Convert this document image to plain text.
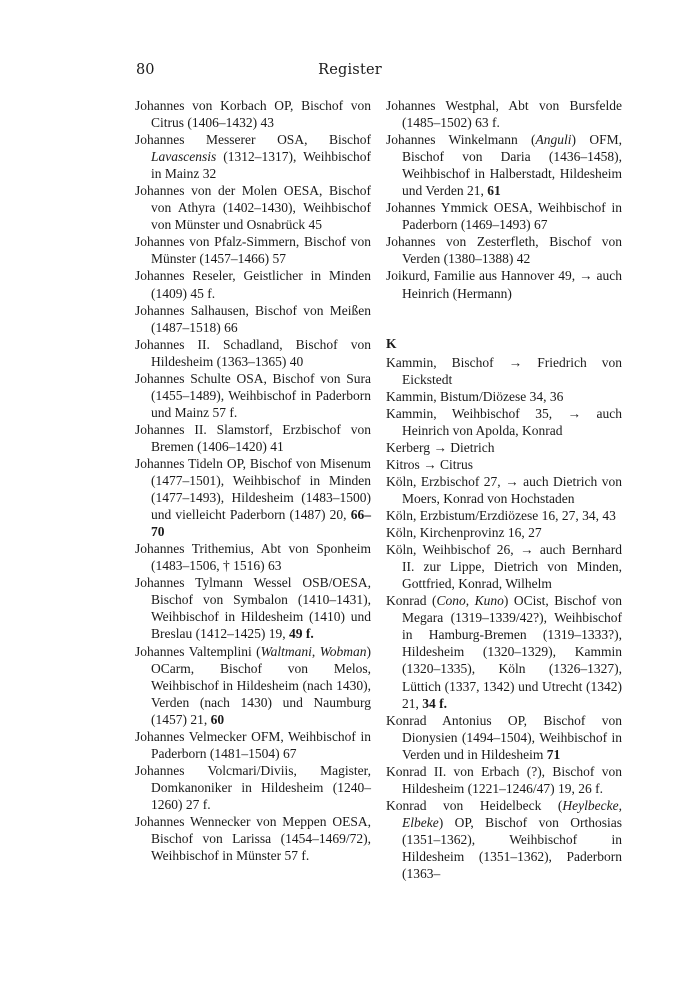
80	Register

Johannes von Korbach OP, Bischof von Citrus (1406–1432) 43

Johannes Messerer OSA, Bischof Lavascensis (1312–1317), Weihbischof in Mainz 32

Johannes von der Molen OESA, Bischof von Athyra (1402–1430), Weihbischof von Münster und Osnabrück 45

Johannes von Pfalz-Simmern, Bischof von Münster (1457–1466) 57

Johannes Reseler, Geistlicher in Minden (1409) 45 f.

Johannes Salhausen, Bischof von Meißen (1487–1518) 66

Johannes II. Schadland, Bischof von Hildesheim (1363–1365) 40

Johannes Schulte OSA, Bischof von Sura (1455–1489), Weihbischof in Paderborn und Mainz 57 f.

Johannes II. Slamstorf, Erzbischof von Bremen (1406–1420) 41

Johannes Tideln OP, Bischof von Misenum (1477–1501), Weihbischof in Minden (1477–1493), Hildesheim (1483–1500) und vielleicht Paderborn (1487) 20, 66–70

Johannes Trithemius, Abt von Sponheim (1483–1506, † 1516) 63

Johannes Tylmann Wessel OSB/OESA, Bischof von Symbalon (1410–1431), Weihbischof in Hildesheim (1410) und Breslau (1412–1425) 19, 49 f.

Johannes Valtemplini (Waltmani, Wobman) OCarm, Bischof von Melos, Weihbischof in Hildesheim (nach 1430), Verden (nach 1430) und Naumburg (1457) 21, 60

Johannes Velmecker OFM, Weihbischof in Paderborn (1481–1504) 67

Johannes Volcmari/Diviis, Magister, Domkanoniker in Hildesheim (1240–1260) 27 f.

Johannes Wennecker von Meppen OESA, Bischof von Larissa (1454–1469/72), Weihbischof in Münster 57 f.

Johannes Westphal, Abt von Bursfelde (1485–1502) 63 f.

Johannes Winkelmann (Anguli) OFM, Bischof von Daria (1436–1458), Weihbischof in Halberstadt, Hildesheim und Verden 21, 61

Johannes Ymmick OESA, Weihbischof in Paderborn (1469–1493) 67

Johannes von Zesterfleth, Bischof von Verden (1380–1388) 42

Joikurd, Familie aus Hannover 49, → auch Heinrich (Hermann)

K

Kammin, Bischof → Friedrich von Eickstedt

Kammin, Bistum/Diözese 34, 36

Kammin, Weihbischof 35, → auch Heinrich von Apolda, Konrad

Kerberg → Dietrich

Kitros → Citrus

Köln, Erzbischof 27, → auch Dietrich von Moers, Konrad von Hochstaden

Köln, Erzbistum/Erzdiözese 16, 27, 34, 43

Köln, Kirchenprovinz 16, 27

Köln, Weihbischof 26, → auch Bernhard II. zur Lippe, Dietrich von Minden, Gottfried, Konrad, Wilhelm

Konrad (Cono, Kuno) OCist, Bischof von Megara (1319–1339/42?), Weihbischof in Hamburg-Bremen (1319–1333?), Hildesheim (1320–1329), Kammin (1320–1335), Köln (1326–1327), Lüttich (1337, 1342) und Utrecht (1342) 21, 34 f.

Konrad Antonius OP, Bischof von Dionysien (1494–1504), Weihbischof in Verden und in Hildesheim 71

Konrad II. von Erbach (?), Bischof von Hildesheim (1221–1246/47) 19, 26 f.

Konrad von Heidelbeck (Heylbecke, Elbeke) OP, Bischof von Orthosias (1351–1362), Weihbischof in Hildesheim (1351–1362), Paderborn (1363–
